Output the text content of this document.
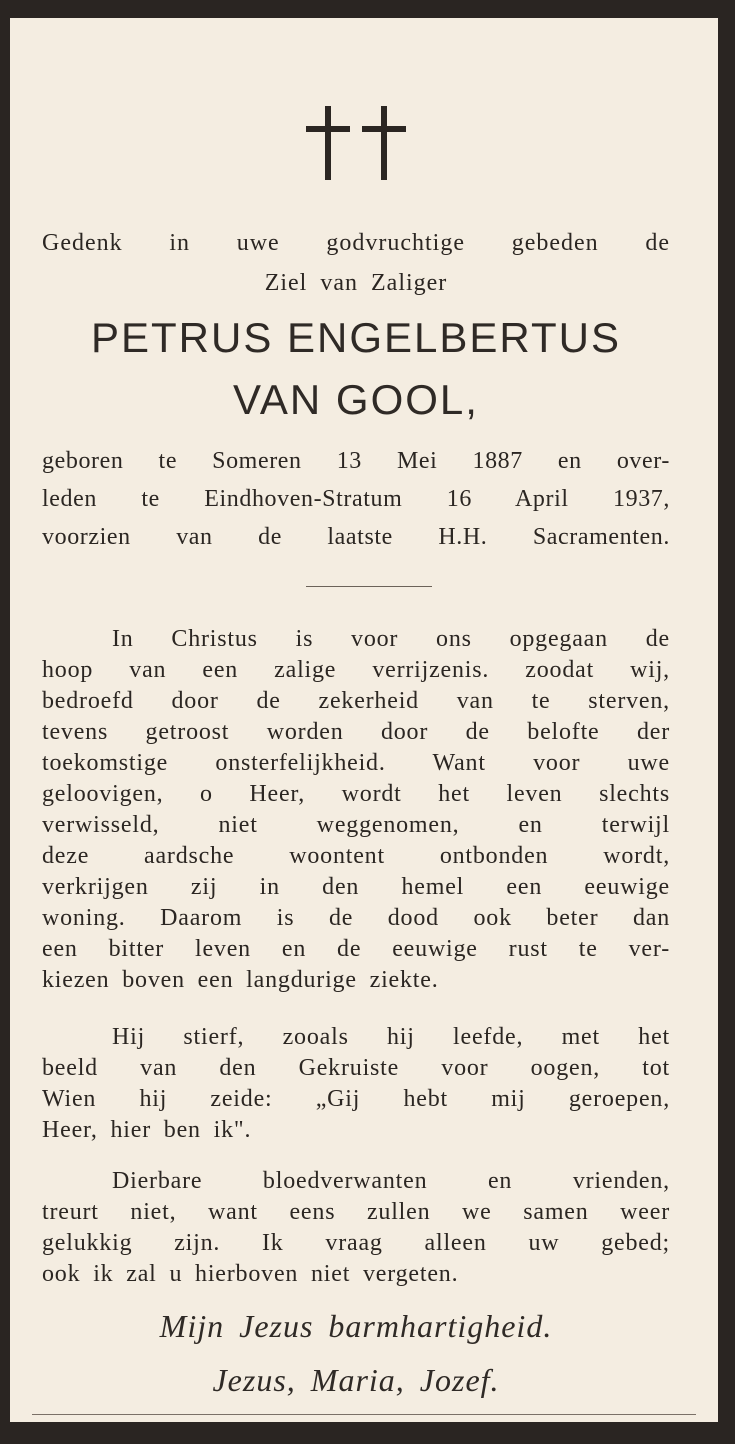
Gedenk in uwe godvruchtige gebeden de
Ziel van Zaliger
PETRUS ENGELBERTUS
VAN GOOL,
geboren te Someren 13 Mei 1887 en over-
leden te Eindhoven-Stratum 16 April 1937,
voorzien van de laatste H.H. Sacramenten.
In Christus is voor ons opgegaan de
hoop van een zalige verrijzenis. zoodat wij,
bedroefd door de zekerheid van te sterven,
tevens getroost worden door de belofte der
toekomstige onsterfelijkheid. Want voor uwe
geloovigen, o Heer, wordt het leven slechts
verwisseld, niet weggenomen, en terwijl
deze aardsche woontent ontbonden wordt,
verkrijgen zij in den hemel een eeuwige
woning. Daarom is de dood ook beter dan
een bitter leven en de eeuwige rust te ver-
kiezen boven een langdurige ziekte.
Hij stierf, zooals hij leefde, met het
beeld van den Gekruiste voor oogen, tot
Wien hij zeide: „Gij hebt mij geroepen,
Heer, hier ben ik".
Dierbare bloedverwanten en vrienden,
treurt niet, want eens zullen we samen weer
gelukkig zijn. Ik vraag alleen uw gebed;
ook ik zal u hierboven niet vergeten.
Mijn Jezus barmhartigheid.
Jezus, Maria, Jozef.
